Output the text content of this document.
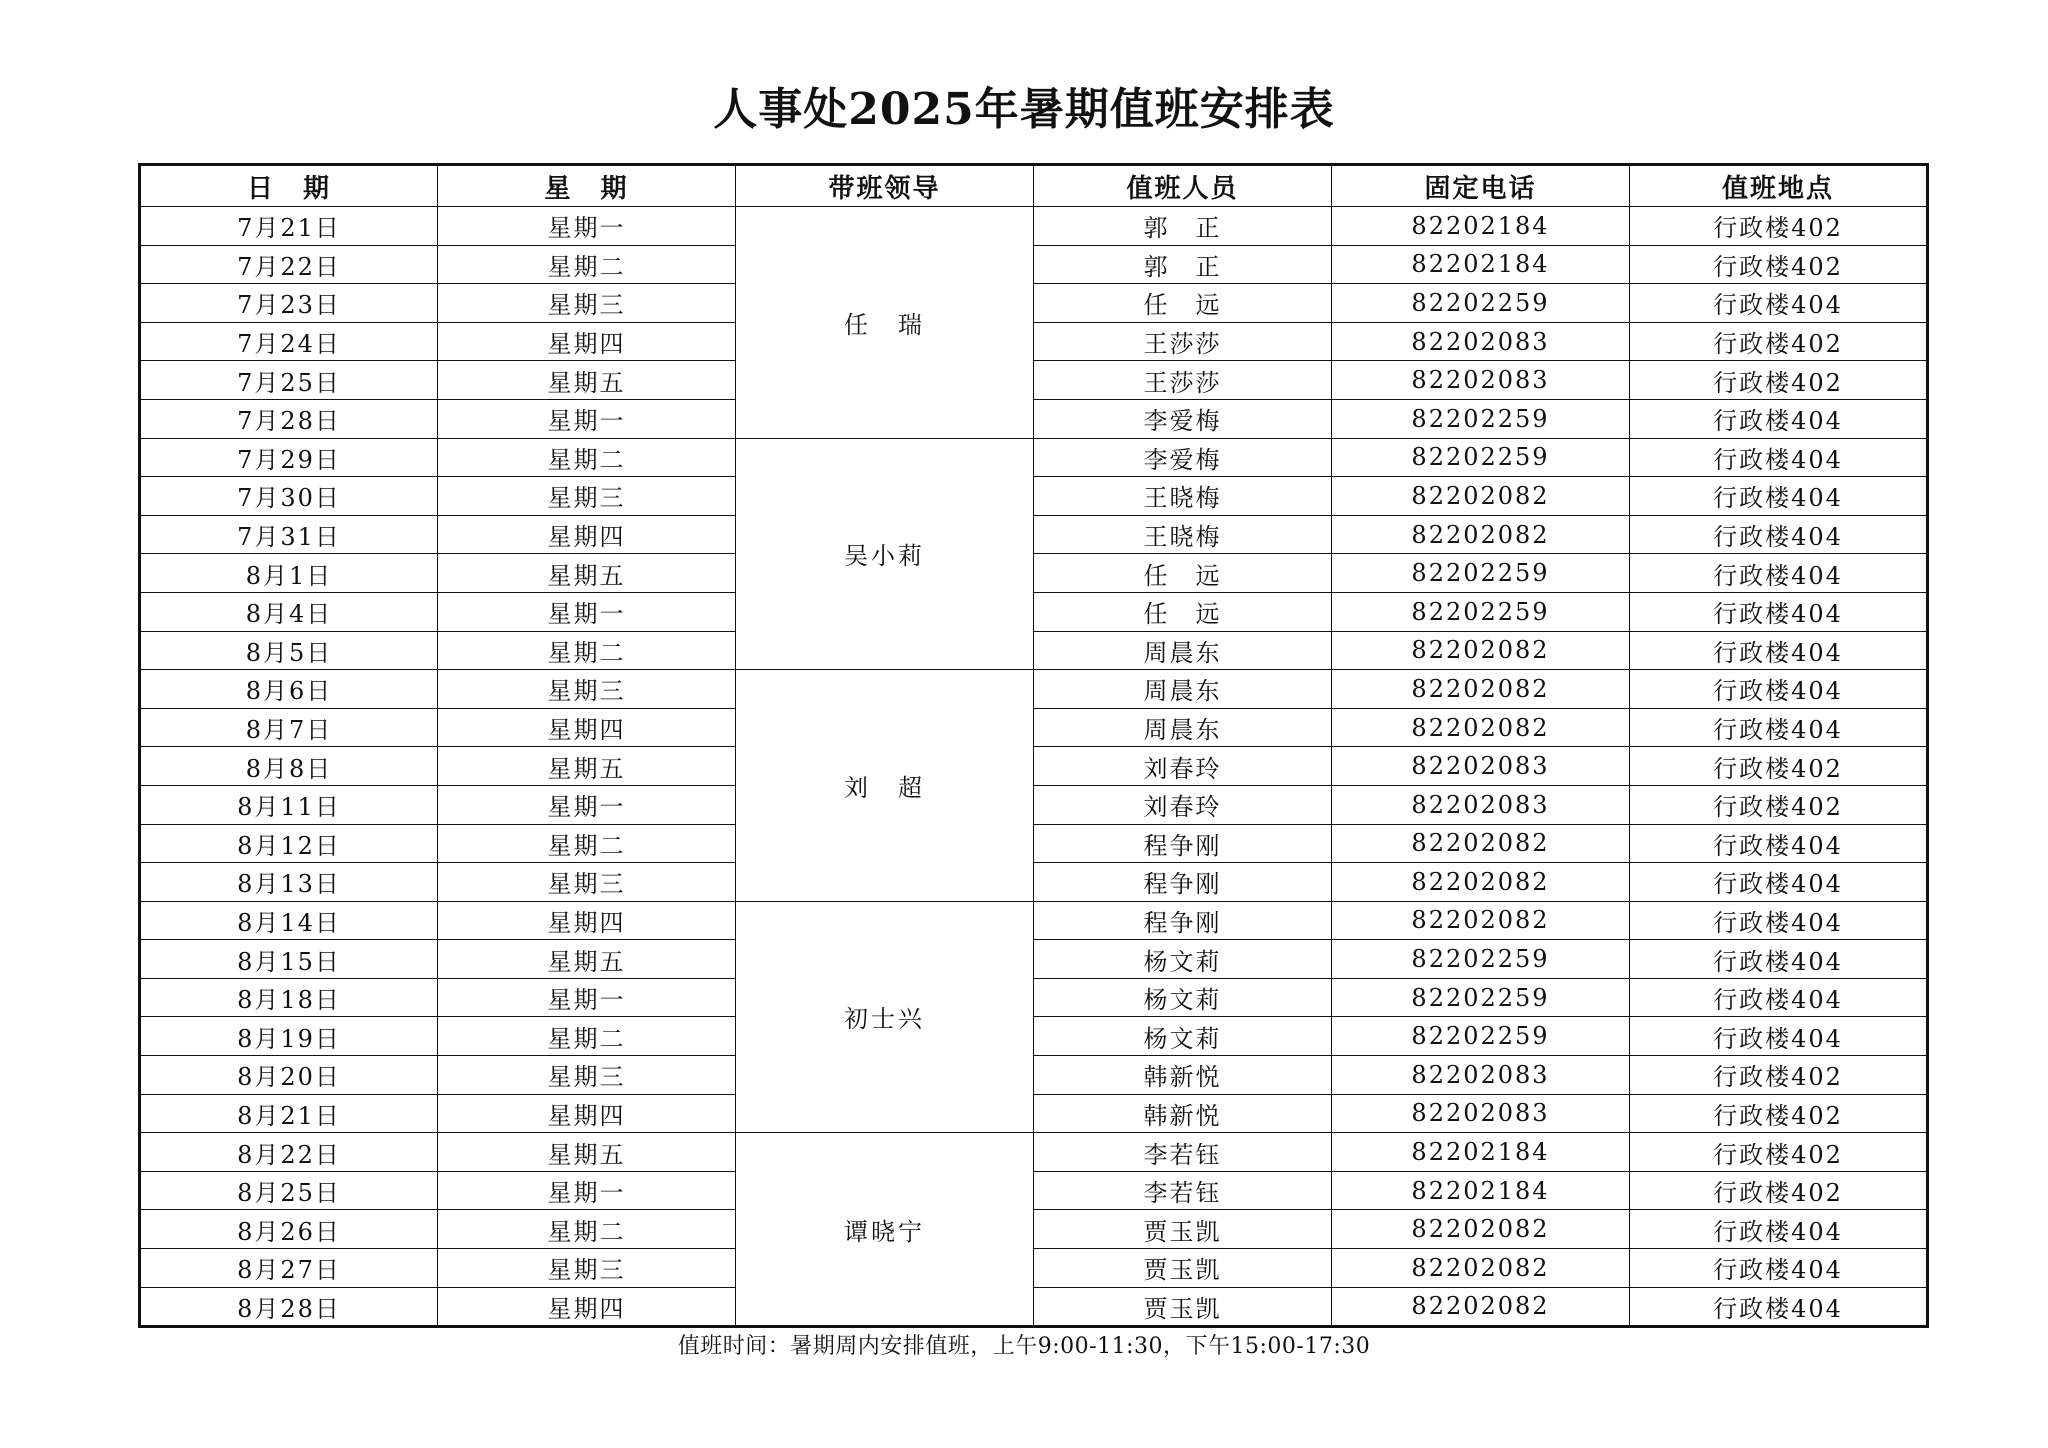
人事处2025年暑期值班安排表
日　期	星　期	带班领导	值班人员	固定电话	值班地点
7月21日	星期一	任　瑞	郭　正	82202184	行政楼402
7月22日	星期二		郭　正	82202184	行政楼402
7月23日	星期三		任　远	82202259	行政楼404
7月24日	星期四		王莎莎	82202083	行政楼402
7月25日	星期五		王莎莎	82202083	行政楼402
7月28日	星期一		李爱梅	82202259	行政楼404
7月29日	星期二	吴小莉	李爱梅	82202259	行政楼404
7月30日	星期三		王晓梅	82202082	行政楼404
7月31日	星期四		王晓梅	82202082	行政楼404
8月1日	星期五		任　远	82202259	行政楼404
8月4日	星期一		任　远	82202259	行政楼404
8月5日	星期二		周晨东	82202082	行政楼404
8月6日	星期三	刘　超	周晨东	82202082	行政楼404
8月7日	星期四		周晨东	82202082	行政楼404
8月8日	星期五		刘春玲	82202083	行政楼402
8月11日	星期一		刘春玲	82202083	行政楼402
8月12日	星期二		程争刚	82202082	行政楼404
8月13日	星期三		程争刚	82202082	行政楼404
8月14日	星期四	初士兴	程争刚	82202082	行政楼404
8月15日	星期五		杨文莉	82202259	行政楼404
8月18日	星期一		杨文莉	82202259	行政楼404
8月19日	星期二		杨文莉	82202259	行政楼404
8月20日	星期三		韩新悦	82202083	行政楼402
8月21日	星期四		韩新悦	82202083	行政楼402
8月22日	星期五	谭晓宁	李若钰	82202184	行政楼402
8月25日	星期一		李若钰	82202184	行政楼402
8月26日	星期二		贾玉凯	82202082	行政楼404
8月27日	星期三		贾玉凯	82202082	行政楼404
8月28日	星期四		贾玉凯	82202082	行政楼404
值班时间：暑期周内安排值班，上午9:00-11:30，下午15:00-17:30
